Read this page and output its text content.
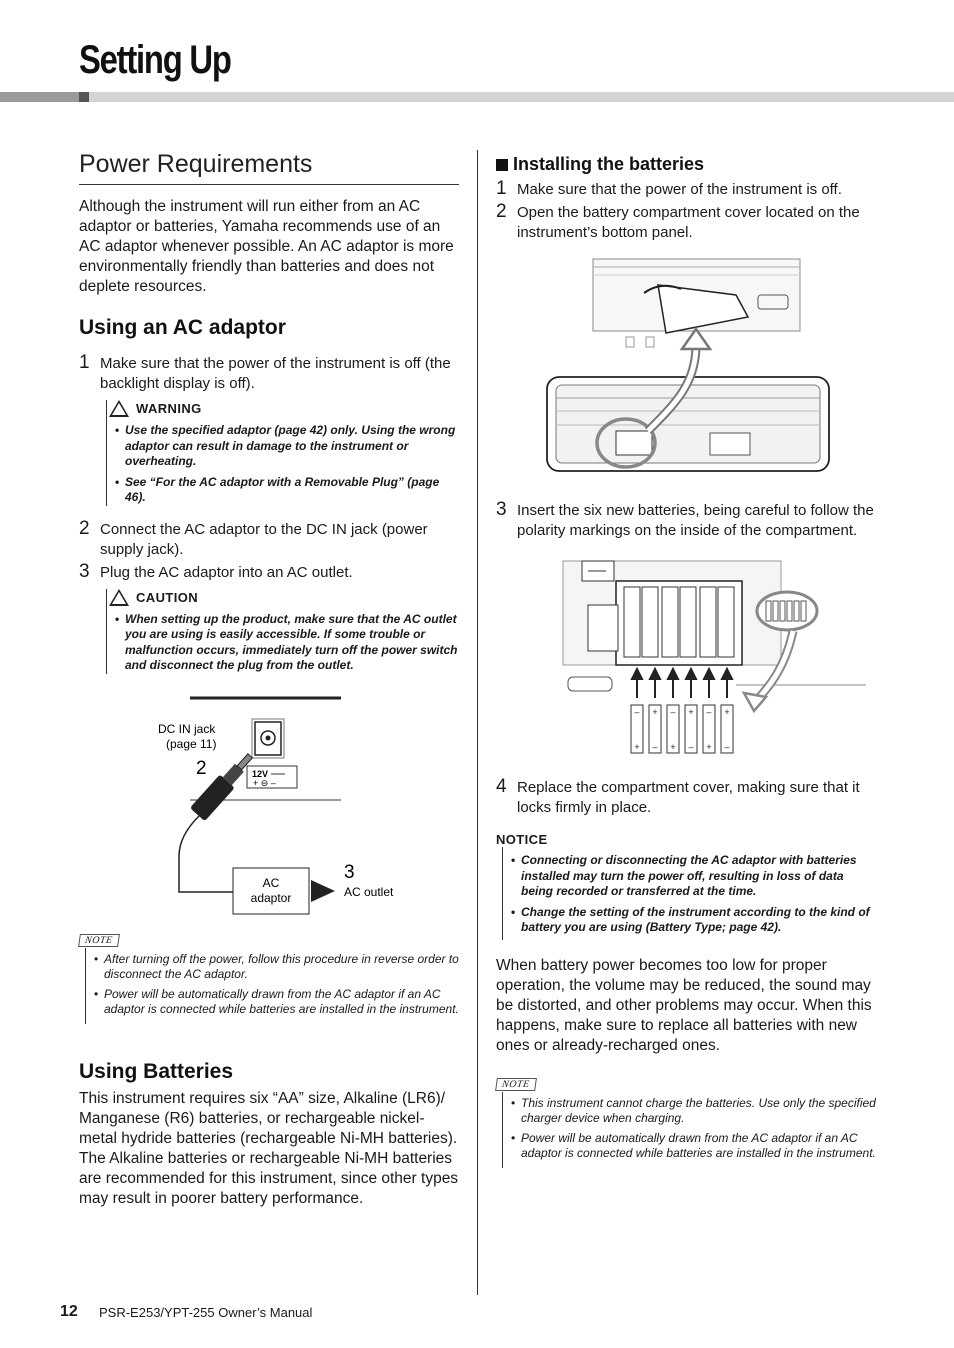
Setting Up
Power Requirements

Although the instrument will run either from an AC adaptor or batteries, Yamaha recommends use of an AC adaptor whenever possible. An AC adaptor is more environmentally friendly than batteries and does not deplete resources.

Using an AC adaptor
1 Make sure that the power of the instrument is off (the backlight display is off).
WARNING
• Use the specified adaptor (page 42) only. Using the wrong adaptor can result in damage to the instrument or overheating.
• See “For the AC adaptor with a Removable Plug” (page 46).
2 Connect the AC adaptor to the DC IN jack (power supply jack).
3 Plug the AC adaptor into an AC outlet.
CAUTION
• When setting up the product, make sure that the AC outlet you are using is easily accessible. If some trouble or malfunction occurs, immediately turn off the power switch and disconnect the plug from the outlet.
DC IN jack
(page 11)
2	12V
+ ⊖ –
AC
adaptor
3
AC outlet
NOTE
• After turning off the power, follow this procedure in reverse order to disconnect the AC adaptor.
• Power will be automatically drawn from the AC adaptor if an AC adaptor is connected while batteries are installed in the instrument.
Using Batteries

This instrument requires six “AA” size, Alkaline (LR6)/ Manganese (R6) batteries, or rechargeable nickel-metal hydride batteries (rechargeable Ni-MH batteries). The Alkaline batteries or rechargeable Ni-MH batteries are recommended for this instrument, since other types may result in poorer battery performance.

Installing the batteries
1 Make sure that the power of the instrument is off.
2 Open the battery compartment cover located on the instrument’s bottom panel.
3 Insert the six new batteries, being careful to follow the polarity markings on the inside of the compartment.
–
+
+
–
–
+
+
–
–
+
+
–
4 Replace the compartment cover, making sure that it locks firmly in place.
NOTICE
• Connecting or disconnecting the AC adaptor with batteries installed may turn the power off, resulting in loss of data being recorded or transferred at the time.
• Change the setting of the instrument according to the kind of battery you are using (Battery Type; page 42).

When battery power becomes too low for proper operation, the volume may be reduced, the sound may be distorted, and other problems may occur. When this happens, make sure to replace all batteries with new ones or already-recharged ones.

NOTE
• This instrument cannot charge the batteries. Use only the specified charger device when charging.
• Power will be automatically drawn from the AC adaptor if an AC adaptor is connected while batteries are installed in the instrument.
12 PSR-E253/YPT-255 Owner’s Manual
